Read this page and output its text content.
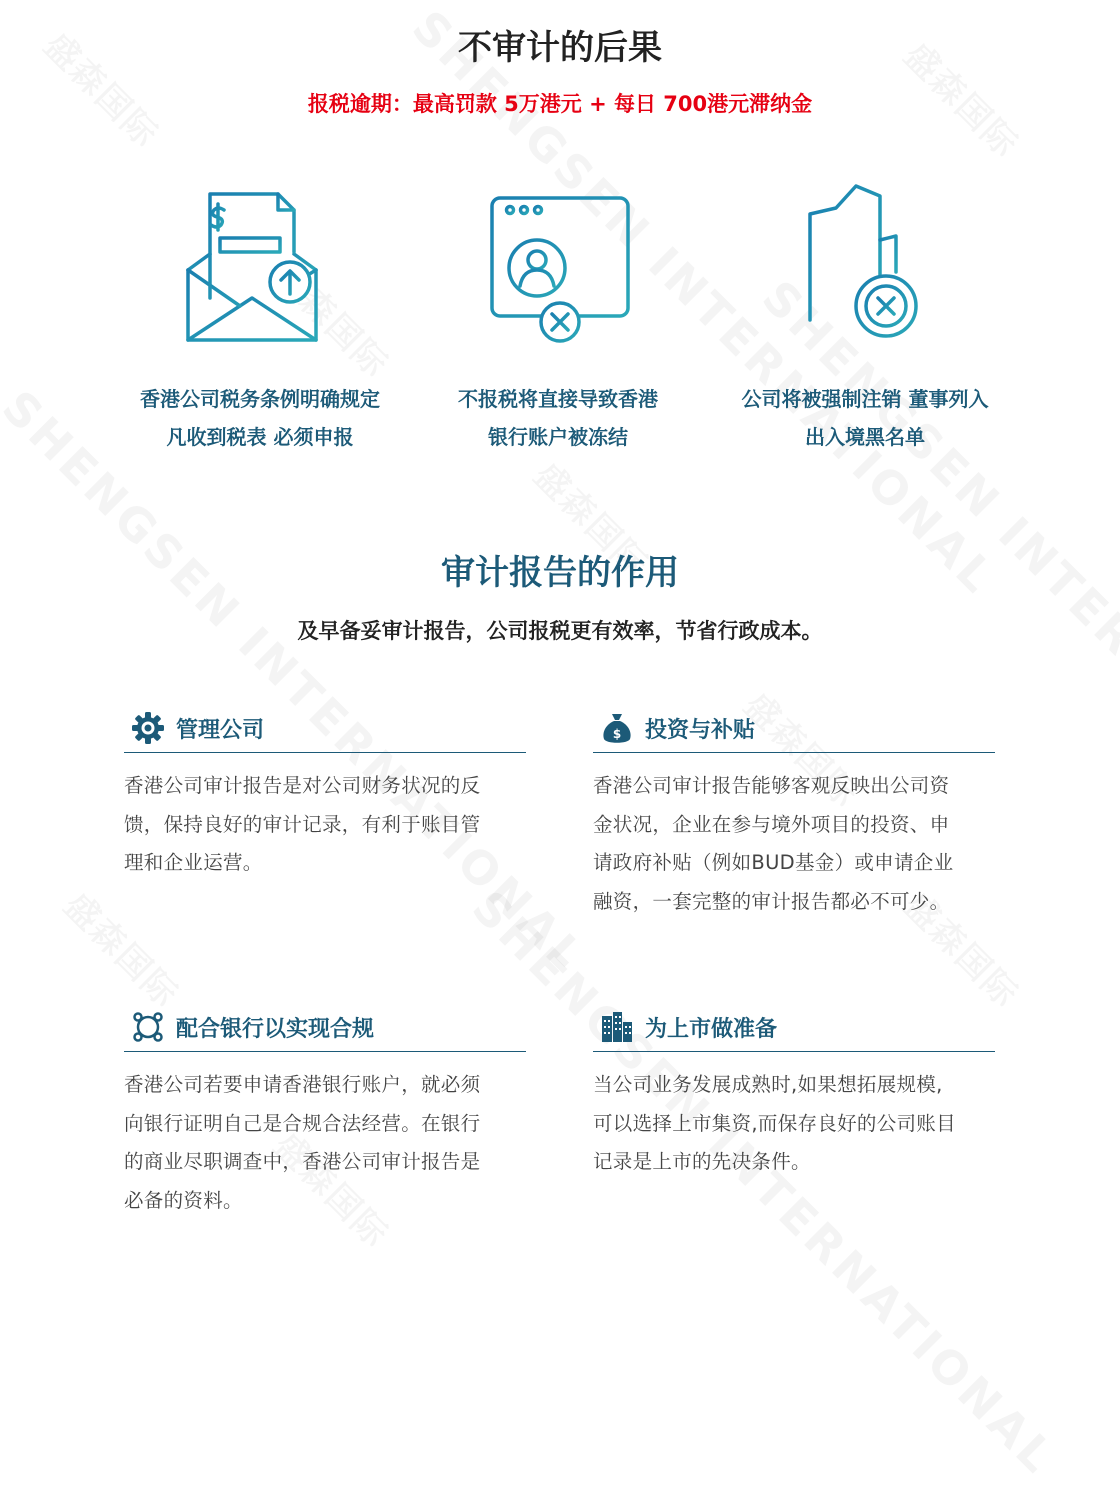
不审计的后果

报税逾期：最高罚款 5万港元 + 每日 700港元滞纳金

香港公司税务条例明确规定
凡收到税表 必须申报
不报税将直接导致香港
银行账户被冻结
公司将被强制注销 董事列入
出入境黑名单
审计报告的作用

及早备妥审计报告，公司报税更有效率，节省行政成本。

管理公司
香港公司审计报告是对公司财务状况的反
馈，保持良好的审计记录，有利于账目管
理和企业运营。
$ 投资与补贴
香港公司审计报告能够客观反映出公司资
金状况，企业在参与境外项目的投资、申
请政府补贴（例如BUD基金）或申请企业
融资，一套完整的审计报告都必不可少。
配合银行以实现合规
香港公司若要申请香港银行账户，就必须
向银行证明自己是合规合法经营。在银行
的商业尽职调查中，香港公司审计报告是
必备的资料。
为上市做准备
当公司业务发展成熟时,如果想拓展规模,
可以选择上市集资,而保存良好的公司账目
记录是上市的先决条件。
